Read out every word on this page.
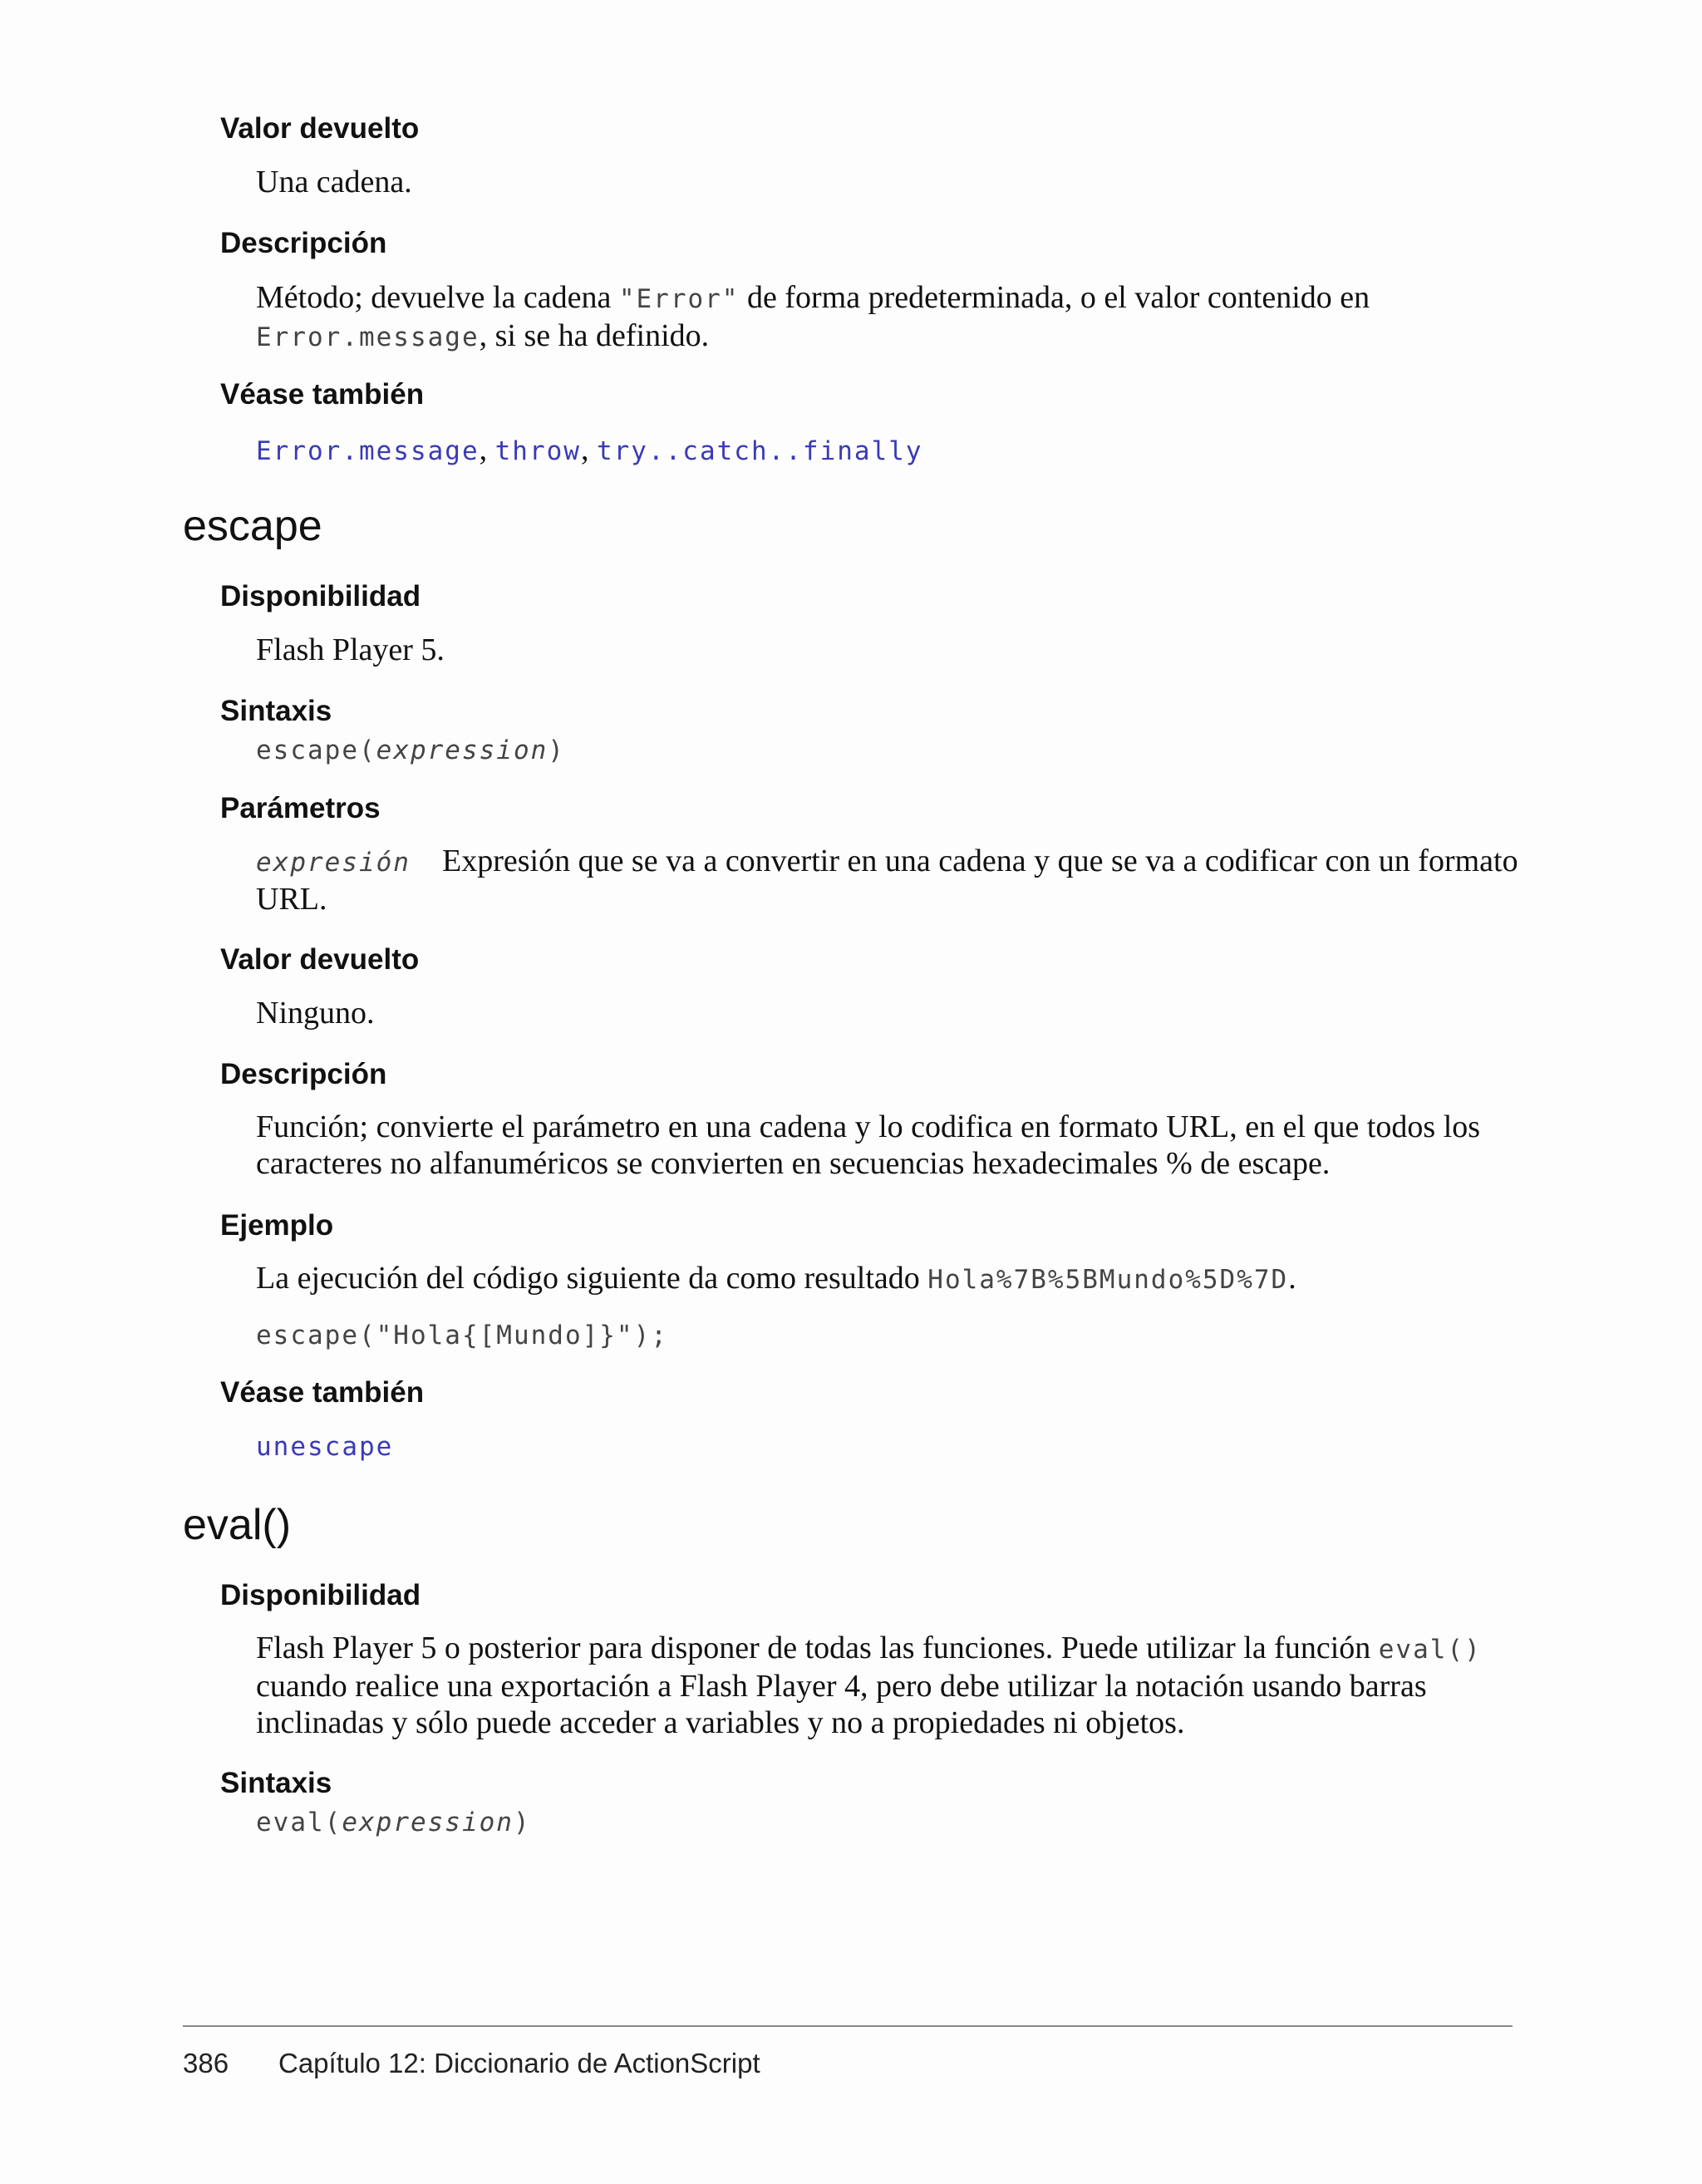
Valor devuelto

Una cadena.

Descripción

Método; devuelve la cadena "Error" de forma predeterminada, o el valor contenido en
Error.message, si se ha definido.

Véase también

Error.message, throw, try..catch..finally

escape
Disponibilidad

Flash Player 5.

Sintaxis

escape(expression)

Parámetros

expresión Expresión que se va a convertir en una cadena y que se va a codificar con un formato URL.

Valor devuelto

Ninguno.

Descripción

Función; convierte el parámetro en una cadena y lo codifica en formato URL, en el que todos los caracteres no alfanuméricos se convierten en secuencias hexadecimales % de escape.

Ejemplo

La ejecución del código siguiente da como resultado Hola%7B%5BMundo%5D%7D.

escape("Hola{[Mundo]}");

Véase también

unescape

eval()
Disponibilidad

Flash Player 5 o posterior para disponer de todas las funciones. Puede utilizar la función eval() cuando realice una exportación a Flash Player 4, pero debe utilizar la notación usando barras inclinadas y sólo puede acceder a variables y no a propiedades ni objetos.

Sintaxis

eval(expression)

386 Capítulo 12: Diccionario de ActionScript
